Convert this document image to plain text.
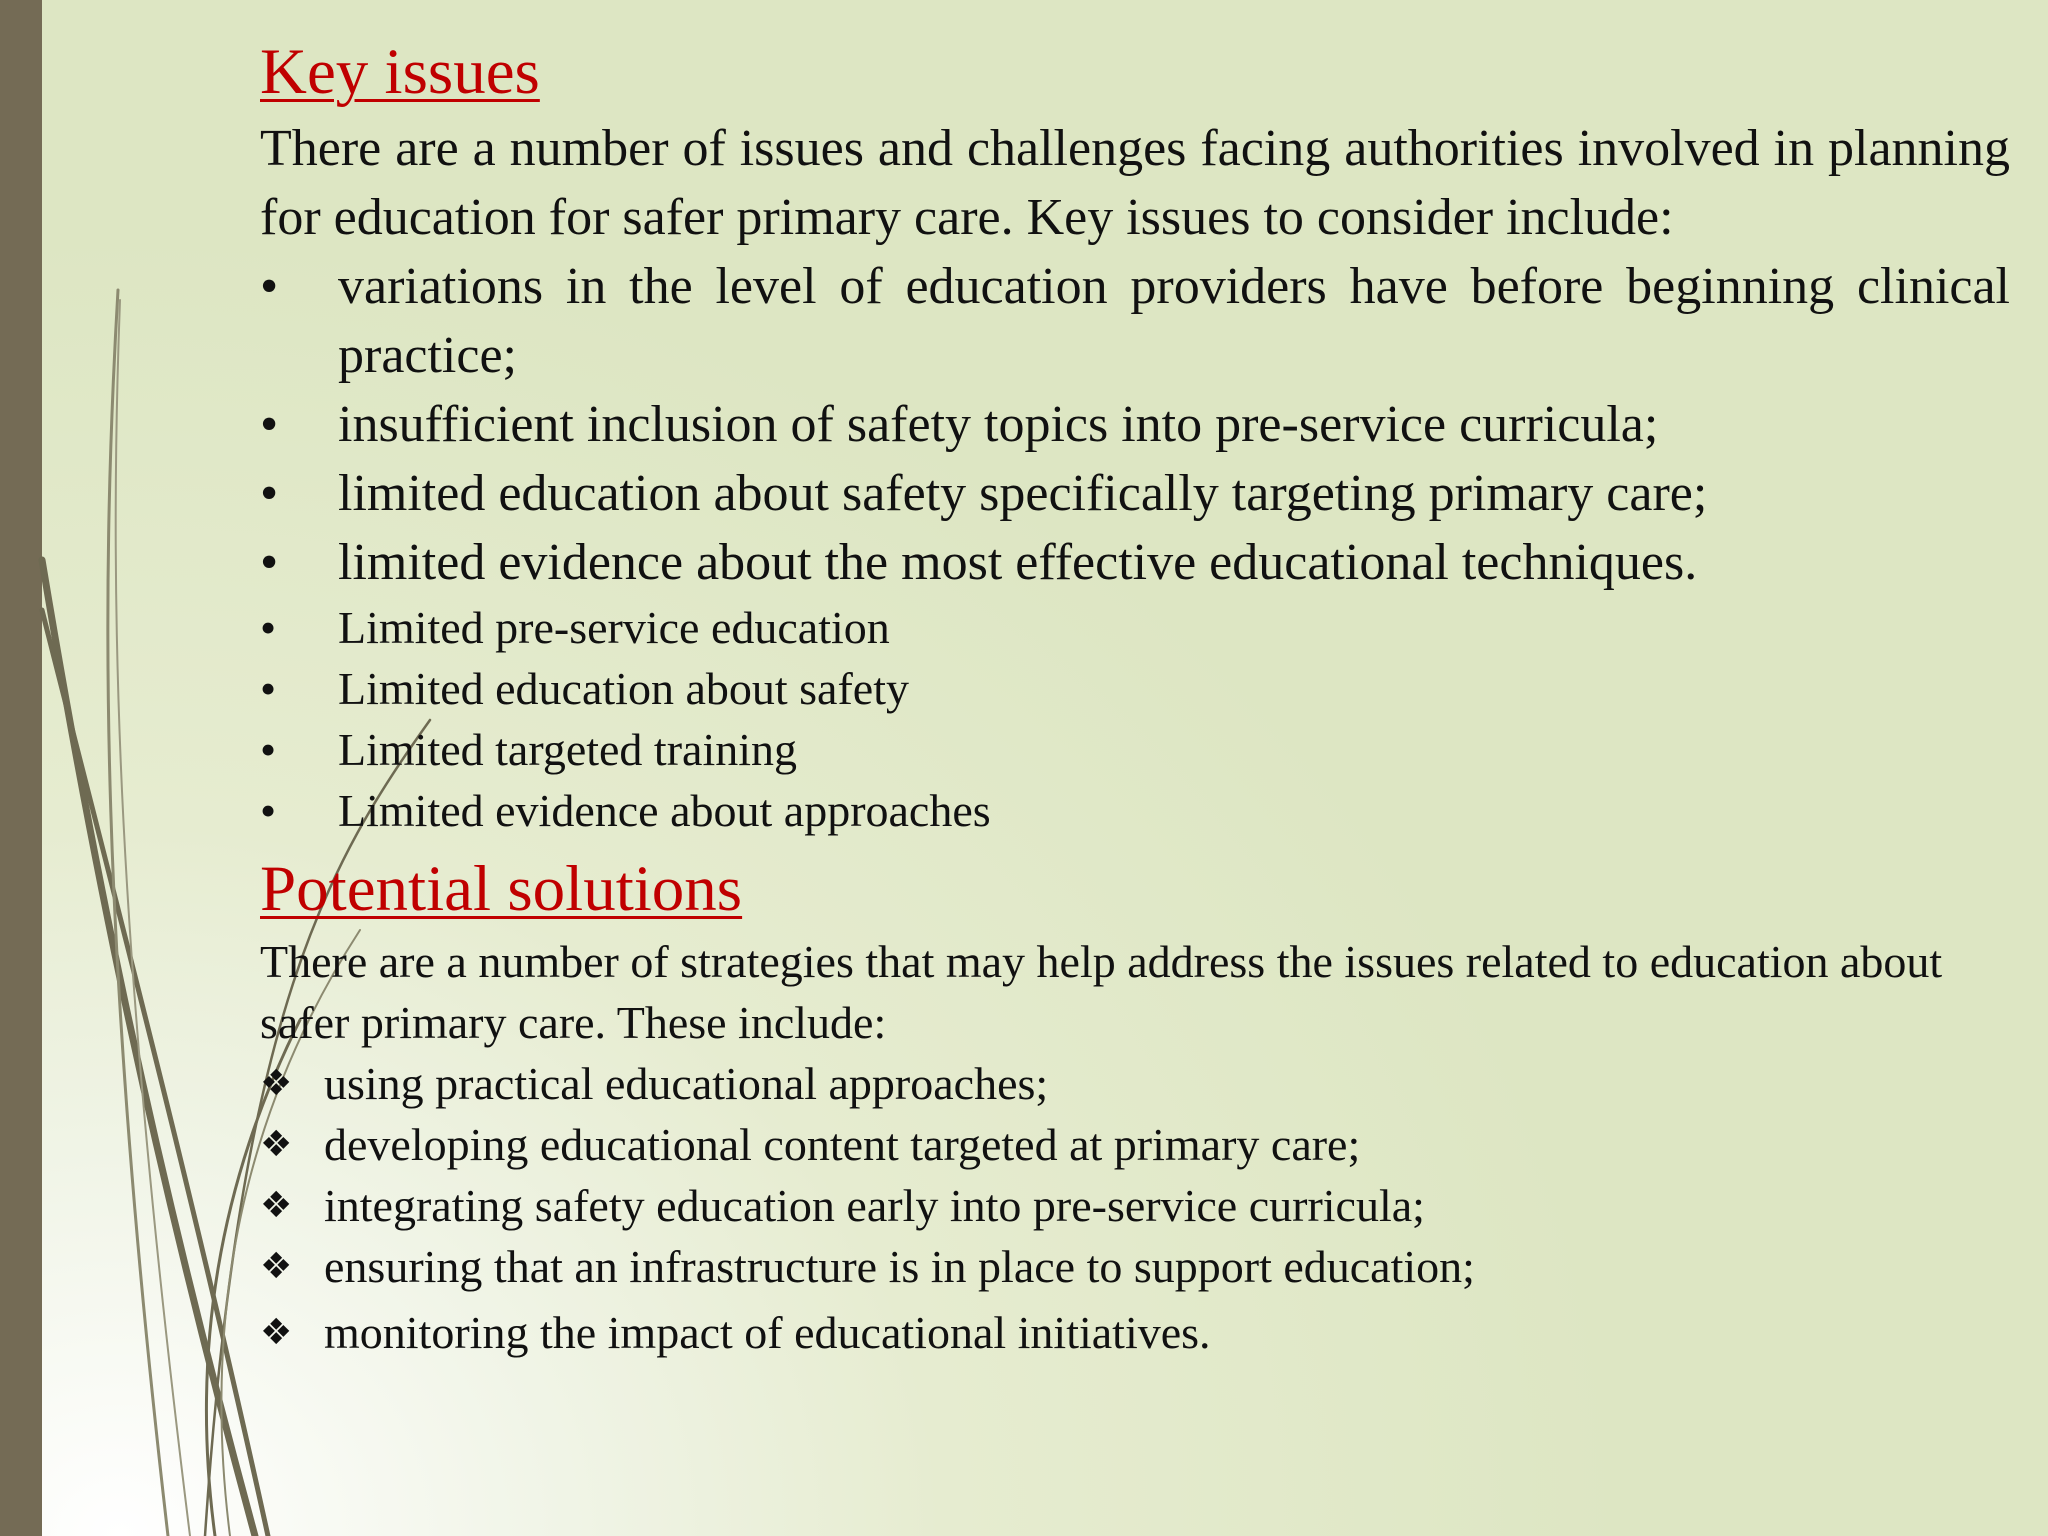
Key issues

There are a number of issues and challenges facing authorities involved in planning for education for safer primary care. Key issues to consider include:

• variations in the level of education providers have before beginning clinical practice;
• insufficient inclusion of safety topics into pre-service curricula;
• limited education about safety specifically targeting primary care;
• limited evidence about the most effective educational techniques.
• Limited pre-service education
• Limited education about safety
• Limited targeted training
• Limited evidence about approaches
Potential solutions

There are a number of strategies that may help address the issues related to education about safer primary care. These include:

❖ using practical educational approaches;
❖ developing educational content targeted at primary care;
❖ integrating safety education early into pre-service curricula;
❖ ensuring that an infrastructure is in place to support education;
❖ monitoring the impact of educational initiatives.
